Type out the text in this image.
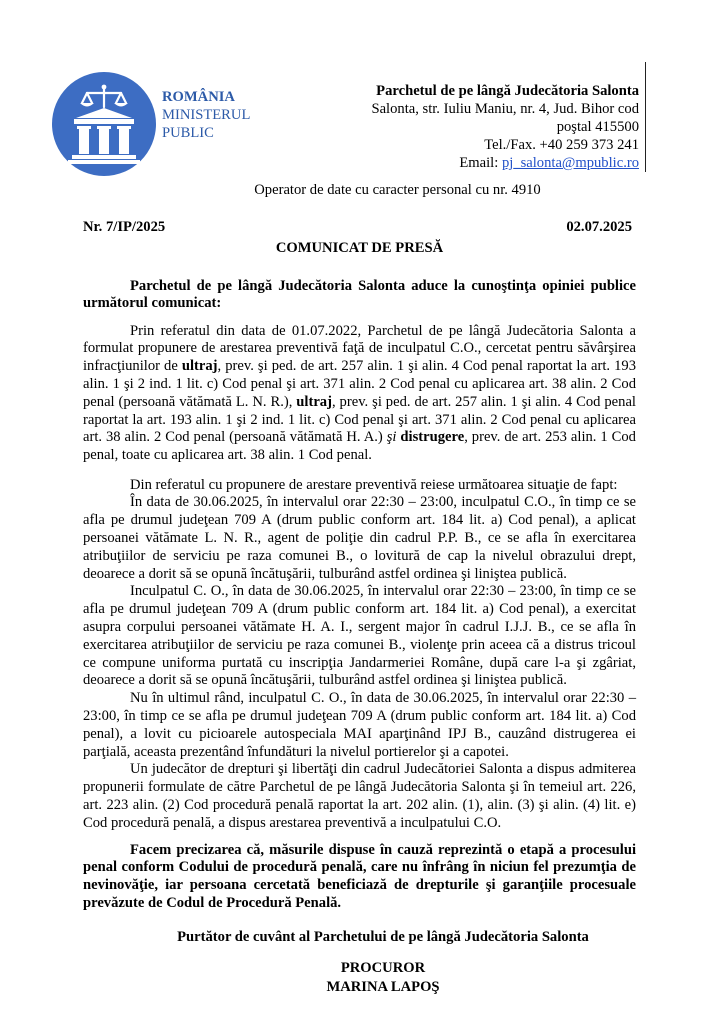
ROMÂNIA
MINISTERUL
PUBLIC
Parchetul de pe lângă Judecătoria Salonta
Salonta, str. Iuliu Maniu, nr. 4, Jud. Bihor cod
poştal 415500
Tel./Fax. +40 259 373 241
Email: pj_salonta@mpublic.ro
Operator de date cu caracter personal cu nr. 4910
Nr. 7/IP/2025	02.07.2025
COMUNICAT DE PRESĂ

Parchetul de pe lângă Judecătoria Salonta aduce la cunoştinţa opiniei publice următorul comunicat:

Prin referatul din data de 01.07.2022, Parchetul de pe lângă Judecătoria Salonta a formulat propunere de arestarea preventivă faţă de inculpatul C.O., cercetat pentru săvârşirea infracţiunilor de ultraj, prev. şi ped. de art. 257 alin. 1 şi alin. 4 Cod penal raportat la art. 193 alin. 1 şi 2 ind. 1 lit. c) Cod penal şi art. 371 alin. 2 Cod penal cu aplicarea art. 38 alin. 2 Cod penal (persoană vătămată L. N. R.), ultraj, prev. şi ped. de art. 257 alin. 1 şi alin. 4 Cod penal raportat la art. 193 alin. 1 şi 2 ind. 1 lit. c) Cod penal şi art. 371 alin. 2 Cod penal cu aplicarea art. 38 alin. 2 Cod penal (persoană vătămată H. A.) şi distrugere, prev. de art. 253 alin. 1 Cod penal, toate cu aplicarea art. 38 alin. 1 Cod penal.

Din referatul cu propunere de arestare preventivă reiese următoarea situaţie de fapt:

În data de 30.06.2025, în intervalul orar 22:30 – 23:00, inculpatul C.O., în timp ce se afla pe drumul judeţean 709 A (drum public conform art. 184 lit. a) Cod penal), a aplicat persoanei vătămate L. N. R., agent de poliţie din cadrul P.P. B., ce se afla în exercitarea atribuţiilor de serviciu pe raza comunei B., o lovitură de cap la nivelul obrazului drept, deoarece a dorit să se opună încătuşării, tulburând astfel ordinea şi liniştea publică.

Inculpatul C. O., în data de 30.06.2025, în intervalul orar 22:30 – 23:00, în timp ce se afla pe drumul judeţean 709 A (drum public conform art. 184 lit. a) Cod penal), a exercitat asupra corpului persoanei vătămate H. A. I., sergent major în cadrul I.J.J. B., ce se afla în exercitarea atribuţiilor de serviciu pe raza comunei B., violenţe prin aceea că a distrus tricoul ce compune uniforma purtată cu inscripţia Jandarmeriei Române, după care l-a şi zgâriat, deoarece a dorit să se opună încătuşării, tulburând astfel ordinea şi liniştea publică.

Nu în ultimul rând, inculpatul C. O., în data de 30.06.2025, în intervalul orar 22:30 – 23:00, în timp ce se afla pe drumul judeţean 709 A (drum public conform art. 184 lit. a) Cod penal), a lovit cu picioarele autospeciala MAI aparţinând IPJ B., cauzând distrugerea ei parţială, aceasta prezentând înfundături la nivelul portierelor şi a capotei.

Un judecător de drepturi şi libertăţi din cadrul Judecătoriei Salonta a dispus admiterea propunerii formulate de către Parchetul de pe lângă Judecătoria Salonta şi în temeiul art. 226, art. 223 alin. (2) Cod procedură penală raportat la art. 202 alin. (1), alin. (3) şi alin. (4) lit. e) Cod procedură penală, a dispus arestarea preventivă a inculpatului C.O.

Facem precizarea că, măsurile dispuse în cauză reprezintă o etapă a procesului penal conform Codului de procedură penală, care nu înfrâng în niciun fel prezumţia de nevinovăţie, iar persoana cercetată beneficiază de drepturile şi garanţiile procesuale prevăzute de Codul de Procedură Penală.

Purtător de cuvânt al Parchetului de pe lângă Judecătoria Salonta
PROCUROR
MARINA LAPOŞ
